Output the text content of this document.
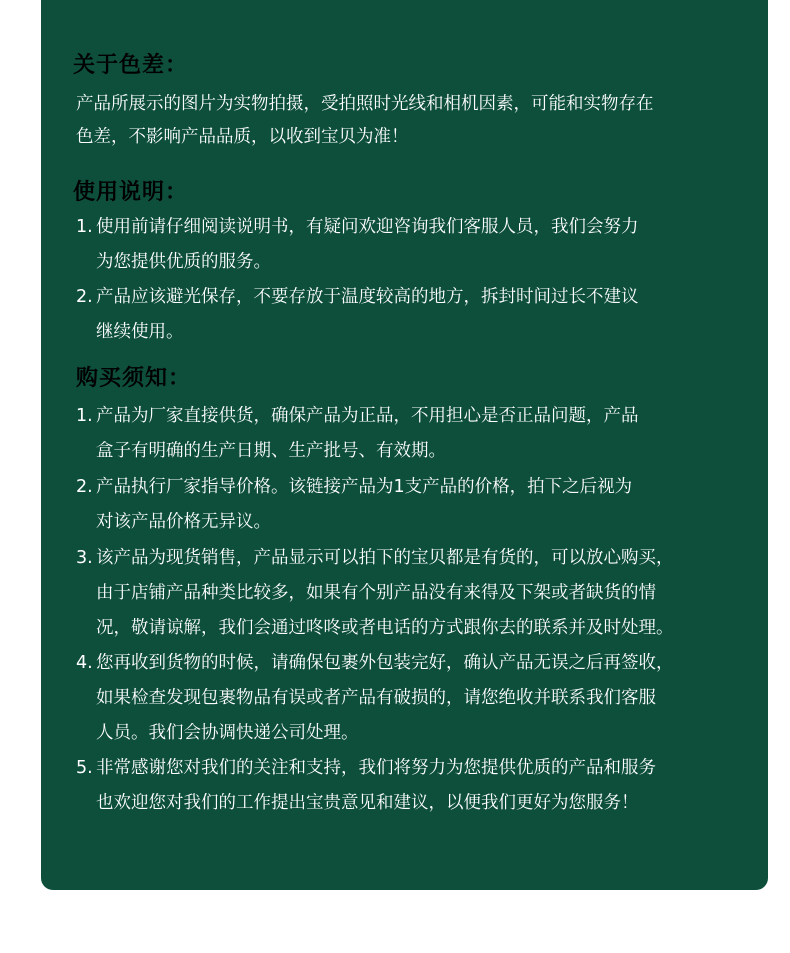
关于色差：
产品所展示的图片为实物拍摄，受拍照时光线和相机因素，可能和实物存在
色差，不影响产品品质，以收到宝贝为准！
使用说明：
1. 使用前请仔细阅读说明书，有疑问欢迎咨询我们客服人员，我们会努力
为您提供优质的服务。
2. 产品应该避光保存，不要存放于温度较高的地方，拆封时间过长不建议
继续使用。
购买须知：
1. 产品为厂家直接供货，确保产品为正品，不用担心是否正品问题，产品
盒子有明确的生产日期、生产批号、有效期。
2. 产品执行厂家指导价格。该链接产品为1支产品的价格，拍下之后视为
对该产品价格无异议。
3. 该产品为现货销售，产品显示可以拍下的宝贝都是有货的，可以放心购买，
由于店铺产品种类比较多，如果有个别产品没有来得及下架或者缺货的情
况，敬请谅解，我们会通过咚咚或者电话的方式跟你去的联系并及时处理。
4. 您再收到货物的时候，请确保包裹外包装完好，确认产品无误之后再签收，
如果检查发现包裹物品有误或者产品有破损的，请您绝收并联系我们客服
人员。我们会协调快递公司处理。
5. 非常感谢您对我们的关注和支持，我们将努力为您提供优质的产品和服务
也欢迎您对我们的工作提出宝贵意见和建议，以便我们更好为您服务！
